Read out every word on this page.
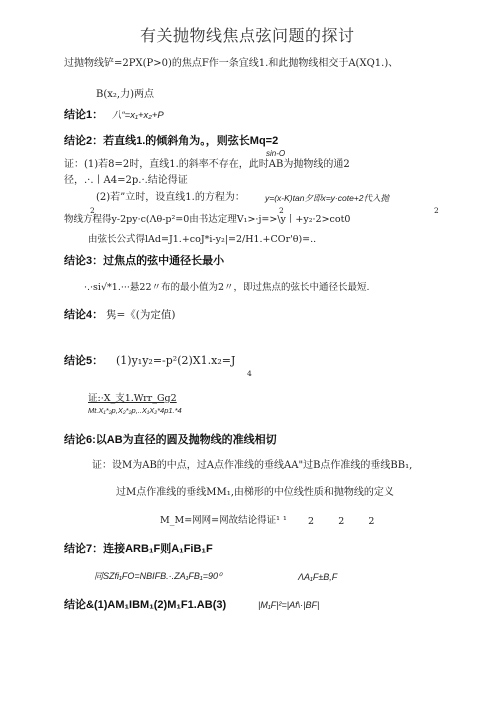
有关抛物线焦点弦问题的探讨
过抛物线铲=2PX(P>0)的焦点F作一条宜线1.和此抛物线相交于A(XQ1.)、
B(x₂,力)两点
结论1： 八“=x₁+x₂+P
结论2：若直线1.的倾斜角为。，则弦长Mq=2
sin-O
证：(1)若8=2时，直线1.的斜率不存在，此时AB为抛物线的通2
径，.·.丨A4=2p.·.结论得证
(2)若”立时，设直线1.的方程为： y=(x-K)tan夕即x=y·cote+2代入抛
2	2	2
物线方程得y-2py·c(Λθ-p²=0由书达定理V₁>·j=>\y丨+y₂·2>cot0
由弦长公式得lAd=J1.+coJ*i-y₂|=2/H1.+COr'θ)=..
结论3：过焦点的弦中通径长最小
·.·si√*1.···悬22〃布的最小值为2〃，即过焦点的弦长中通径长最短.
结论4： 隽=《(为定值)
结论5： (1)y₁y₂=-p²(2)X1.x₂=J
4
证:·X_支1.Wrr_Gg2
Mt.X₁*₂p,X₂*₂p,..X₁X₂*4p1.*4
结论6:以AB为直径的圆及抛物线的准线相切
证：设M为AB的中点，过A点作准线的垂线AA"过B点作准线的垂线BB₁,
过M点作准线的垂线MM₁,由梯形的中位线性质和抛物线的定义
M_M=网网=网故结论得证¹ ¹ 2        2        2
结论7：连接ARB₁F则A₁FiB₁F
同SZfi₁FO=NBIFB.·.ZA₁FB₁=90⁰	ΛA₁F±B,F
结论&(1)AM₁IBM₁(2)M₁F1.AB(3)	|M₁F|²=|Af\·|BF|
